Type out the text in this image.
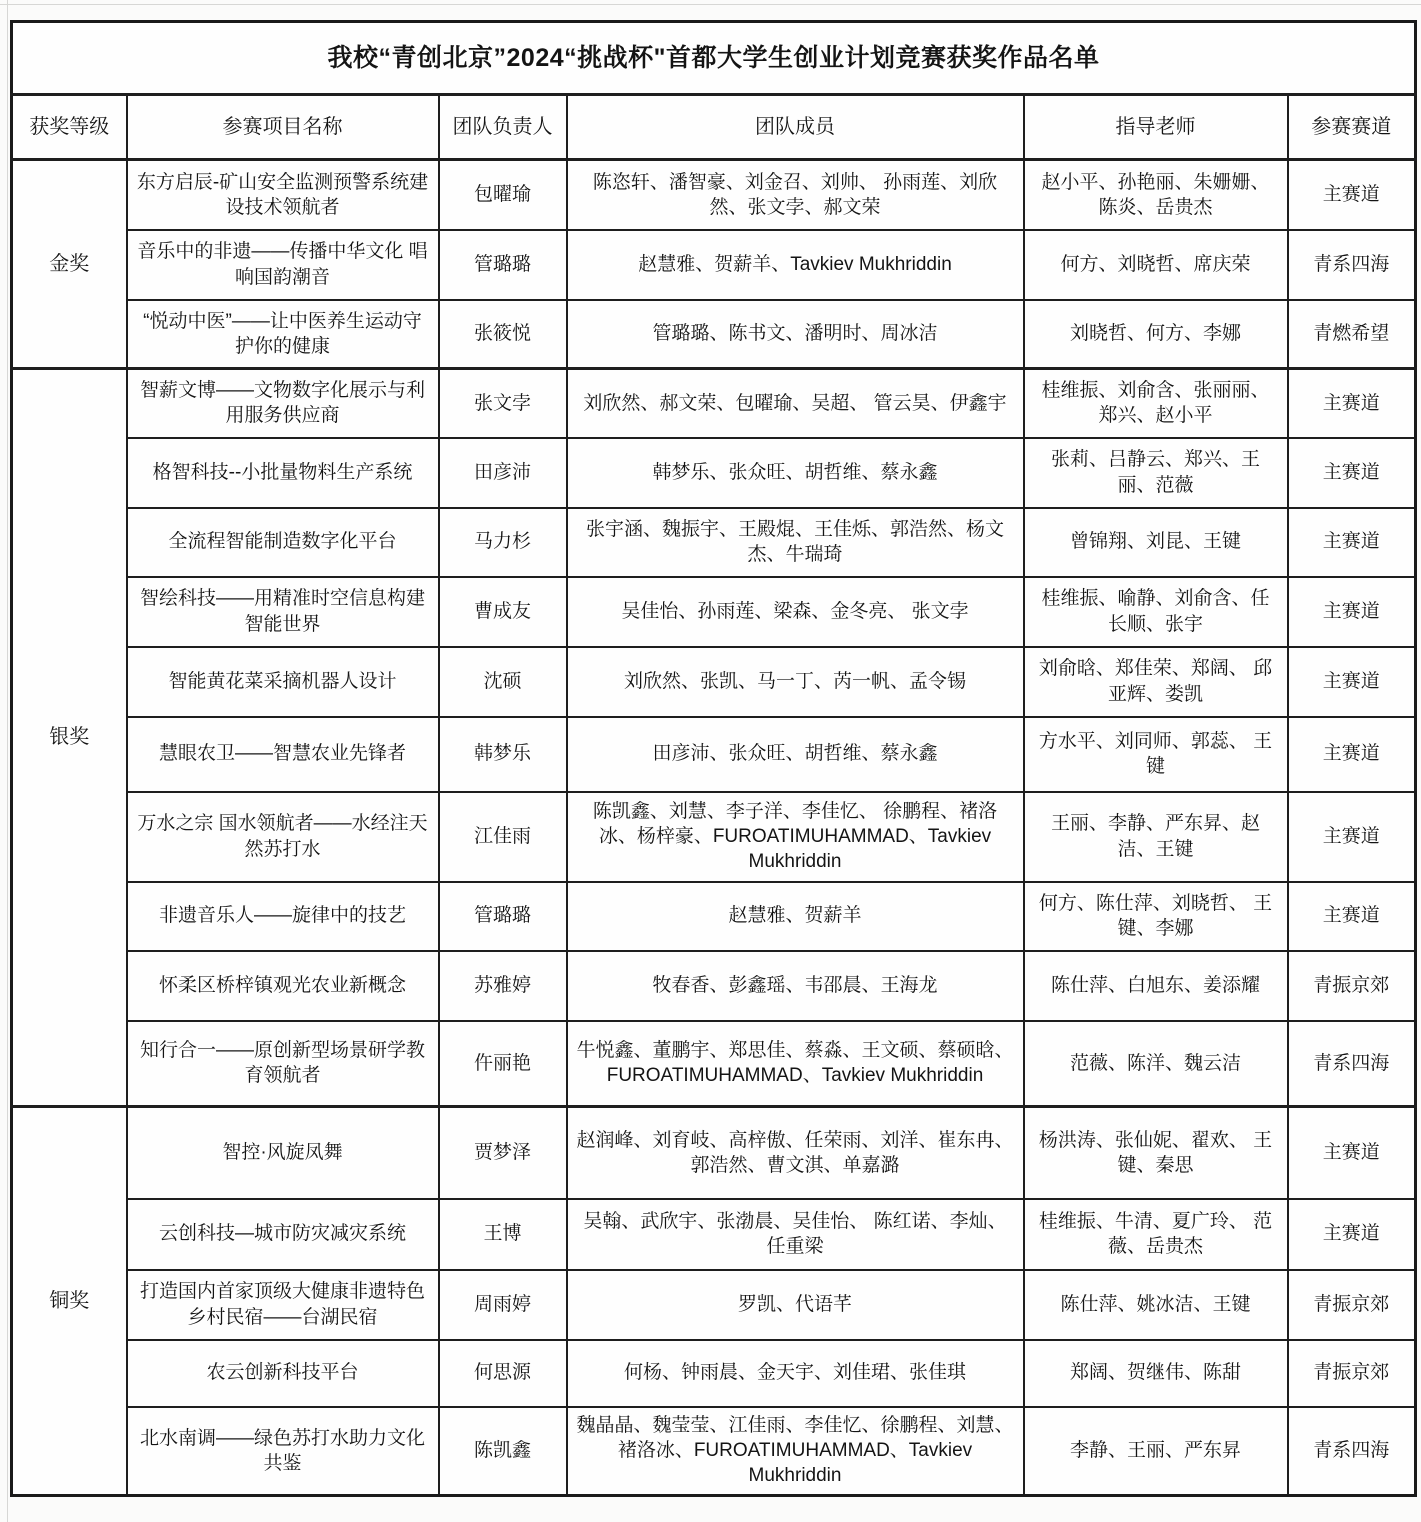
我校“青创北京”2024“挑战杯"首都大学生创业计划竞赛获奖作品名单					
获奖等级	参赛项目名称	团队负责人	团队成员	指导老师	参赛赛道
金奖	东方启辰-矿山安全监测预警系统建设技术领航者	包曜瑜	陈恣轩、潘智豪、刘金召、刘帅、 孙雨莲、刘欣然、张文孛、郝文荣	赵小平、孙艳丽、朱姗姗、陈炎、岳贵杰	主赛道
	音乐中的非遗——传播中华文化 唱响国韵潮音	管璐璐	赵慧雅、贺薪羊、Tavkiev Mukhriddin	何方、刘晓哲、席庆荣	青系四海
	“悦动中医”——让中医养生运动守护你的健康	张筱悦	管璐璐、陈书文、潘明时、周冰洁	刘晓哲、何方、李娜	青燃希望
银奖	智薪文博——文物数字化展示与利用服务供应商	张文孛	刘欣然、郝文荣、包曜瑜、吴超、 管云昊、伊鑫宇	桂维振、刘俞含、张丽丽、郑兴、赵小平	主赛道
	格智科技--小批量物料生产系统	田彦沛	韩梦乐、张众旺、胡哲维、蔡永鑫	张莉、吕静云、郑兴、王丽、范薇	主赛道
	全流程智能制造数字化平台	马力杉	张宇涵、魏振宇、王殿焜、王佳烁、郭浩然、杨文杰、牛瑞琦	曾锦翔、刘昆、王键	主赛道
	智绘科技——用精准时空信息构建智能世界	曹成友	吴佳怡、孙雨莲、梁森、金冬亮、 张文孛	桂维振、喻静、刘俞含、任长顺、张宇	主赛道
	智能黄花菜采摘机器人设计	沈硕	刘欣然、张凯、马一丁、芮一帆、孟令锡	刘俞晗、郑佳荣、郑阔、 邱亚辉、娄凯	主赛道
	慧眼农卫——智慧农业先锋者	韩梦乐	田彦沛、张众旺、胡哲维、蔡永鑫	方水平、刘同师、郭蕊、 王键	主赛道
	万水之宗 国水领航者——水经注天然苏打水	江佳雨	陈凯鑫、刘慧、李子洋、李佳忆、 徐鹏程、褚洛冰、杨梓豪、FUROATIMUHAMMAD、Tavkiev Mukhriddin	王丽、李静、严东昇、赵洁、王键	主赛道
	非遗音乐人——旋律中的技艺	管璐璐	赵慧雅、贺薪羊	何方、陈仕萍、刘晓哲、 王键、李娜	主赛道
	怀柔区桥梓镇观光农业新概念	苏雅婷	牧春香、彭鑫瑶、韦邵晨、王海龙	陈仕萍、白旭东、姜添耀	青振京郊
	知行合一——原创新型场景研学教育领航者	仵丽艳	牛悦鑫、董鹏宇、郑思佳、蔡淼、王文硕、蔡硕晗、FUROATIMUHAMMAD、Tavkiev Mukhriddin	范薇、陈洋、魏云洁	青系四海
铜奖	智控·风旋凤舞	贾梦泽	赵润峰、刘育岐、高梓傲、任荣雨、刘洋、崔东冉、郭浩然、曹文淇、单嘉潞	杨洪涛、张仙妮、翟欢、 王键、秦思	主赛道
	云创科技—城市防灾减灾系统	王博	吴翰、武欣宇、张渤晨、吴佳怡、 陈红诺、李灿、任重梁	桂维振、牛清、夏广玲、 范薇、岳贵杰	主赛道
	打造国内首家顶级大健康非遗特色乡村民宿——台湖民宿	周雨婷	罗凯、代语芊	陈仕萍、姚冰洁、王键	青振京郊
	农云创新科技平台	何思源	何杨、钟雨晨、金天宇、刘佳珺、张佳琪	郑阔、贺继伟、陈甜	青振京郊
	北水南调——绿色苏打水助力文化共鉴	陈凯鑫	魏晶晶、魏莹莹、江佳雨、李佳忆、徐鹏程、刘慧、褚洛冰、FUROATIMUHAMMAD、Tavkiev Mukhriddin	李静、王丽、严东昇	青系四海
